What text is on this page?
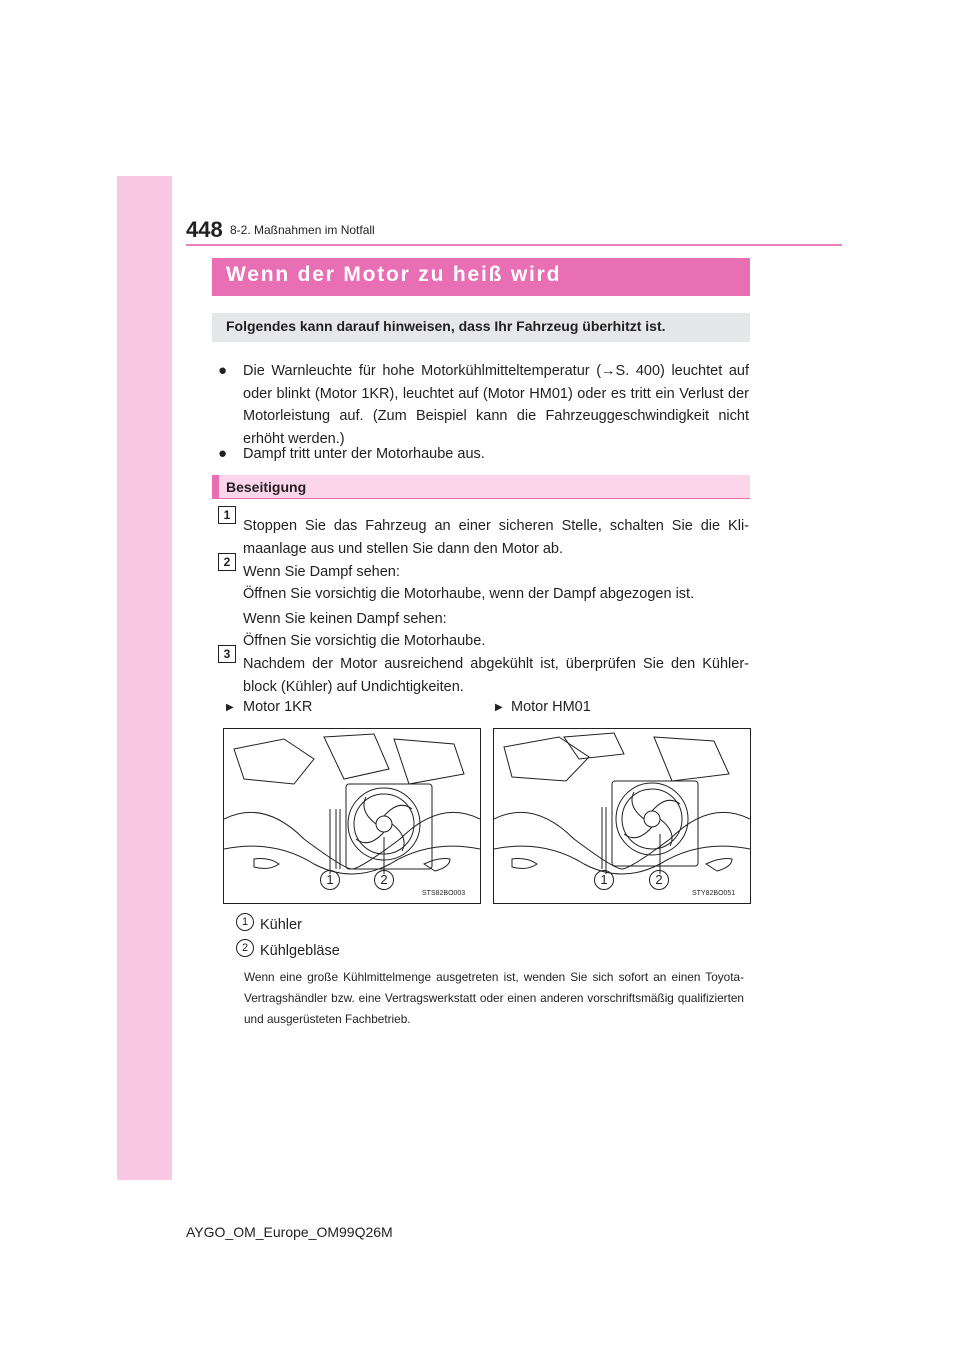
448 8-2. Maßnahmen im Notfall
Wenn der Motor zu heiß wird
Folgendes kann darauf hinweisen, dass Ihr Fahrzeug überhitzt ist.
● Die Warnleuchte für hohe Motorkühlmitteltemperatur (→S. 400) leuchtet auf oder blinkt (Motor 1KR), leuchtet auf (Motor HM01) oder es tritt ein Verlust der Motorleistung auf. (Zum Beispiel kann die Fahrzeuggeschwindigkeit nicht erhöht werden.)
● Dampf tritt unter der Motorhaube aus.
Beseitigung
1
Stoppen Sie das Fahrzeug an einer sicheren Stelle, schalten Sie die Kli-maanlage aus und stellen Sie dann den Motor ab.
2
Wenn Sie Dampf sehen:
Öffnen Sie vorsichtig die Motorhaube, wenn der Dampf abgezogen ist.
Wenn Sie keinen Dampf sehen:
Öffnen Sie vorsichtig die Motorhaube.
3
Nachdem der Motor ausreichend abgekühlt ist, überprüfen Sie den Kühler-block (Kühler) auf Undichtigkeiten.
▶ Motor 1KR	▶ Motor HM01
1	2
STS82BO003
1	2
STY82BO051
1 Kühler
2 Kühlgebläse
Wenn eine große Kühlmittelmenge ausgetreten ist, wenden Sie sich sofort an einen Toyota-Vertragshändler bzw. eine Vertragswerkstatt oder einen anderen vorschriftsmäßig qualifizierten und ausgerüsteten Fachbetrieb.
AYGO_OM_Europe_OM99Q26M
